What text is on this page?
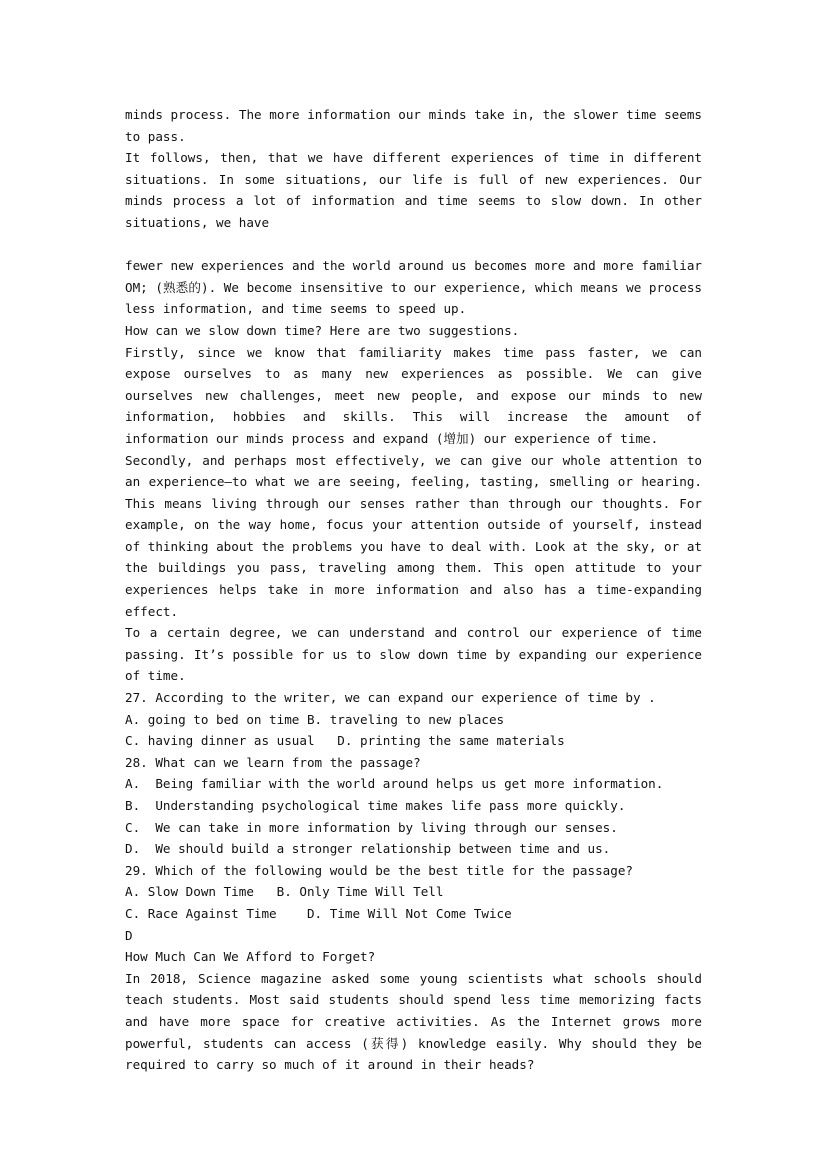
minds process. The more information our minds take in, the slower time seems to pass.

It follows, then, that we have different experiences of time in different situations. In some situations, our life is full of new experiences. Our minds process a lot of information and time seems to slow down. In other situations, we have

fewer new experiences and the world around us becomes more and more familiar OM; (熟悉的). We become insensitive to our experience, which means we process less information, and time seems to speed up.

How can we slow down time? Here are two suggestions.

Firstly, since we know that familiarity makes time pass faster, we can expose ourselves to as many new experiences as possible. We can give ourselves new challenges, meet new people, and expose our minds to new information, hobbies and skills. This will increase the amount of information our minds process and expand (增加) our experience of time.

Secondly, and perhaps most effectively, we can give our whole attention to an experience—to what we are seeing, feeling, tasting, smelling or hearing. This means living through our senses rather than through our thoughts. For example, on the way home, focus your attention outside of yourself, instead of thinking about the problems you have to deal with. Look at the sky, or at the buildings you pass, traveling among them. This open attitude to your experiences helps take in more information and also has a time-expanding effect.

To a certain degree, we can understand and control our experience of time passing. It’s possible for us to slow down time by expanding our experience of time.

27. According to the writer, we can expand our experience of time by .

A. going to bed on time B. traveling to new places

C. having dinner as usual   D. printing the same materials

28. What can we learn from the passage?

A.  Being familiar with the world around helps us get more information.

B.  Understanding psychological time makes life pass more quickly.

C.  We can take in more information by living through our senses.

D.  We should build a stronger relationship between time and us.

29. Which of the following would be the best title for the passage?

A. Slow Down Time   B. Only Time Will Tell

C. Race Against Time    D. Time Will Not Come Twice

D

How Much Can We Afford to Forget?

In 2018, Science magazine asked some young scientists what schools should teach students. Most said students should spend less time memorizing facts and have more space for creative activities. As the Internet grows more powerful, students can access (获得) knowledge easily. Why should they be required to carry so much of it around in their heads?
